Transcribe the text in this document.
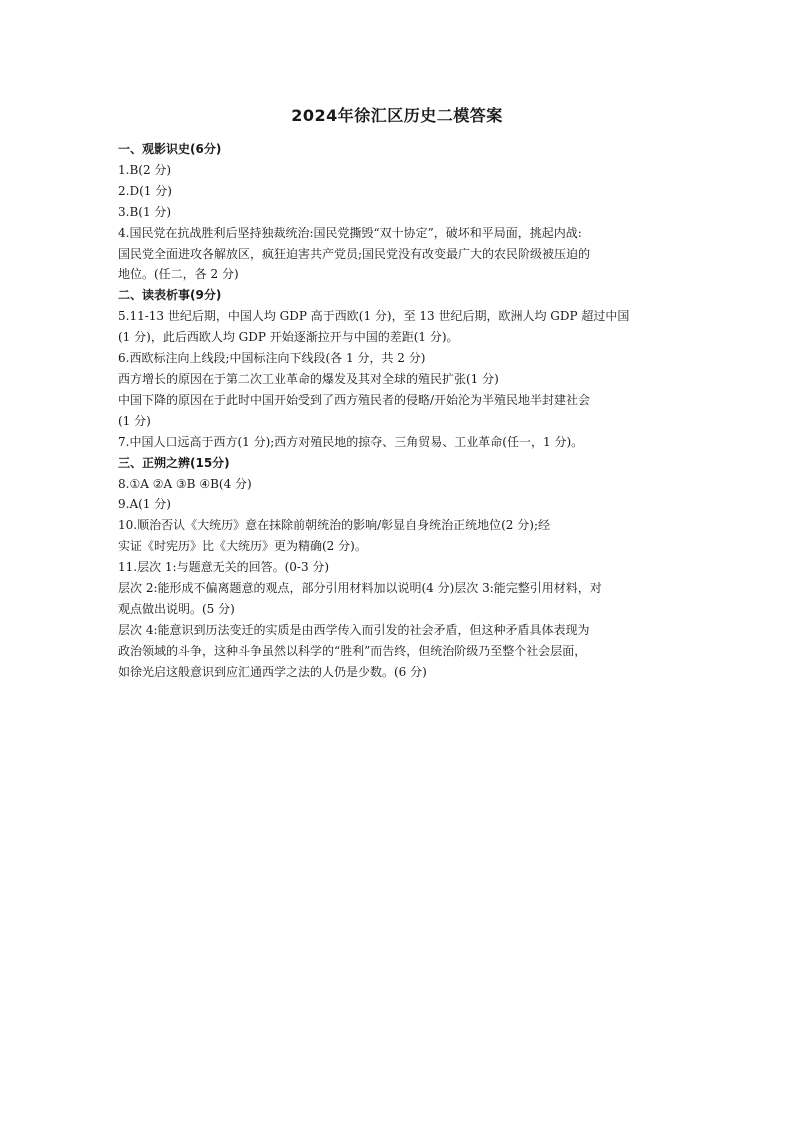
2024年徐汇区历史二模答案
一、观影识史(6分)
1.B(2 分)
2.D(1 分)
3.B(1 分)
4.国民党在抗战胜利后坚持独裁统治:国民党撕毁“双十协定”，破坏和平局面，挑起内战:
国民党全面进攻各解放区，疯狂迫害共产党员;国民党没有改变最广大的农民阶级被压迫的
地位。(任二，各 2 分)
二、读表析事(9分)
5.11-13 世纪后期，中国人均 GDP 高于西欧(1 分)，至 13 世纪后期，欧洲人均 GDP 超过中国
(1 分)，此后西欧人均 GDP 开始逐渐拉开与中国的差距(1 分)。
6.西欧标注向上线段;中国标注向下线段(各 1 分，共 2 分)
西方增长的原因在于第二次工业革命的爆发及其对全球的殖民扩张(1 分)
中国下降的原因在于此时中国开始受到了西方殖民者的侵略/开始沦为半殖民地半封建社会
(1 分)
7.中国人口远高于西方(1 分);西方对殖民地的掠夺、三角贸易、工业革命(任一，1 分)。
三、正朔之辨(15分)
8.①A ②A ③B ④B(4 分)
9.A(1 分)
10.顺治否认《大统历》意在抹除前朝统治的影响/彰显自身统治正统地位(2 分);经
实证《时宪历》比《大统历》更为精确(2 分)。
11.层次 1:与题意无关的回答。(0-3 分)
层次 2:能形成不偏离题意的观点，部分引用材料加以说明(4 分)层次 3:能完整引用材料，对
观点做出说明。(5 分)
层次 4:能意识到历法变迁的实质是由西学传入而引发的社会矛盾，但这种矛盾具体表现为
政治领域的斗争，这种斗争虽然以科学的“胜利”而告终，但统治阶级乃至整个社会层面，
如徐光启这般意识到应汇通西学之法的人仍是少数。(6 分)
